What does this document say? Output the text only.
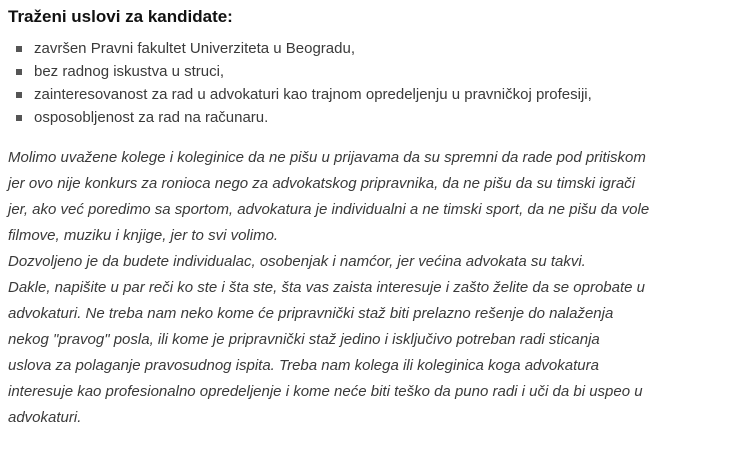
Traženi uslovi za kandidate:
završen Pravni fakultet Univerziteta u Beogradu,
bez radnog iskustva u struci,
zainteresovanost za rad u advokaturi kao trajnom opredeljenju u pravničkoj profesiji,
osposobljenost za rad na računaru.
Molimo uvažene kolege i koleginice da ne pišu u prijavama da su spremni da rade pod pritiskom
jer ovo nije konkurs za ronioca nego za advokatskog pripravnika, da ne pišu da su timski igrači
jer, ako već poredimo sa sportom, advokatura je individualni a ne timski sport, da ne pišu da vole
filmove, muziku i knjige, jer to svi volimo.
Dozvoljeno je da budete individualac, osobenjak i namćor, jer većina advokata su takvi.
Dakle, napišite u par reči ko ste i šta ste, šta vas zaista interesuje i zašto želite da se oprobate u
advokaturi. Ne treba nam neko kome će pripravnički staž biti prelazno rešenje do nalaženja
nekog "pravog" posla, ili kome je pripravnički staž jedino i isključivo potreban radi sticanja
uslova za polaganje pravosudnog ispita. Treba nam kolega ili koleginica koga advokatura
interesuje kao profesionalno opredeljenje i kome neće biti teško da puno radi i uči da bi uspeo u
advokaturi.
